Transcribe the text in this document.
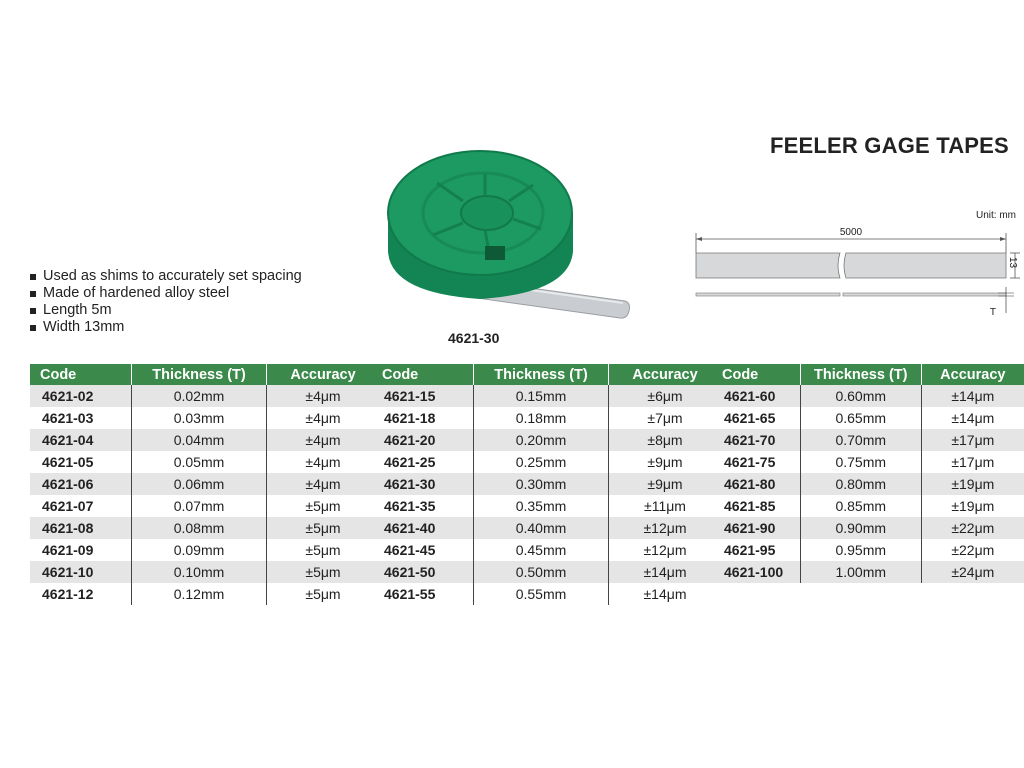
FEELER GAGE TAPES
Used as shims to accurately set spacing
Made of hardened alloy steel
Length 5m
Width 13mm
4621-30
Unit: mm
5000
13
T
Code	Thickness (T)	Accuracy
4621-02	0.02mm	±4μm
4621-03	0.03mm	±4μm
4621-04	0.04mm	±4μm
4621-05	0.05mm	±4μm
4621-06	0.06mm	±4μm
4621-07	0.07mm	±5μm
4621-08	0.08mm	±5μm
4621-09	0.09mm	±5μm
4621-10	0.10mm	±5μm
4621-12	0.12mm	±5μm
Code	Thickness (T)	Accuracy
4621-15	0.15mm	±6μm
4621-18	0.18mm	±7μm
4621-20	0.20mm	±8μm
4621-25	0.25mm	±9μm
4621-30	0.30mm	±9μm
4621-35	0.35mm	±11μm
4621-40	0.40mm	±12μm
4621-45	0.45mm	±12μm
4621-50	0.50mm	±14μm
4621-55	0.55mm	±14μm
Code	Thickness (T)	Accuracy
4621-60	0.60mm	±14μm
4621-65	0.65mm	±14μm
4621-70	0.70mm	±17μm
4621-75	0.75mm	±17μm
4621-80	0.80mm	±19μm
4621-85	0.85mm	±19μm
4621-90	0.90mm	±22μm
4621-95	0.95mm	±22μm
4621-100	1.00mm	±24μm
